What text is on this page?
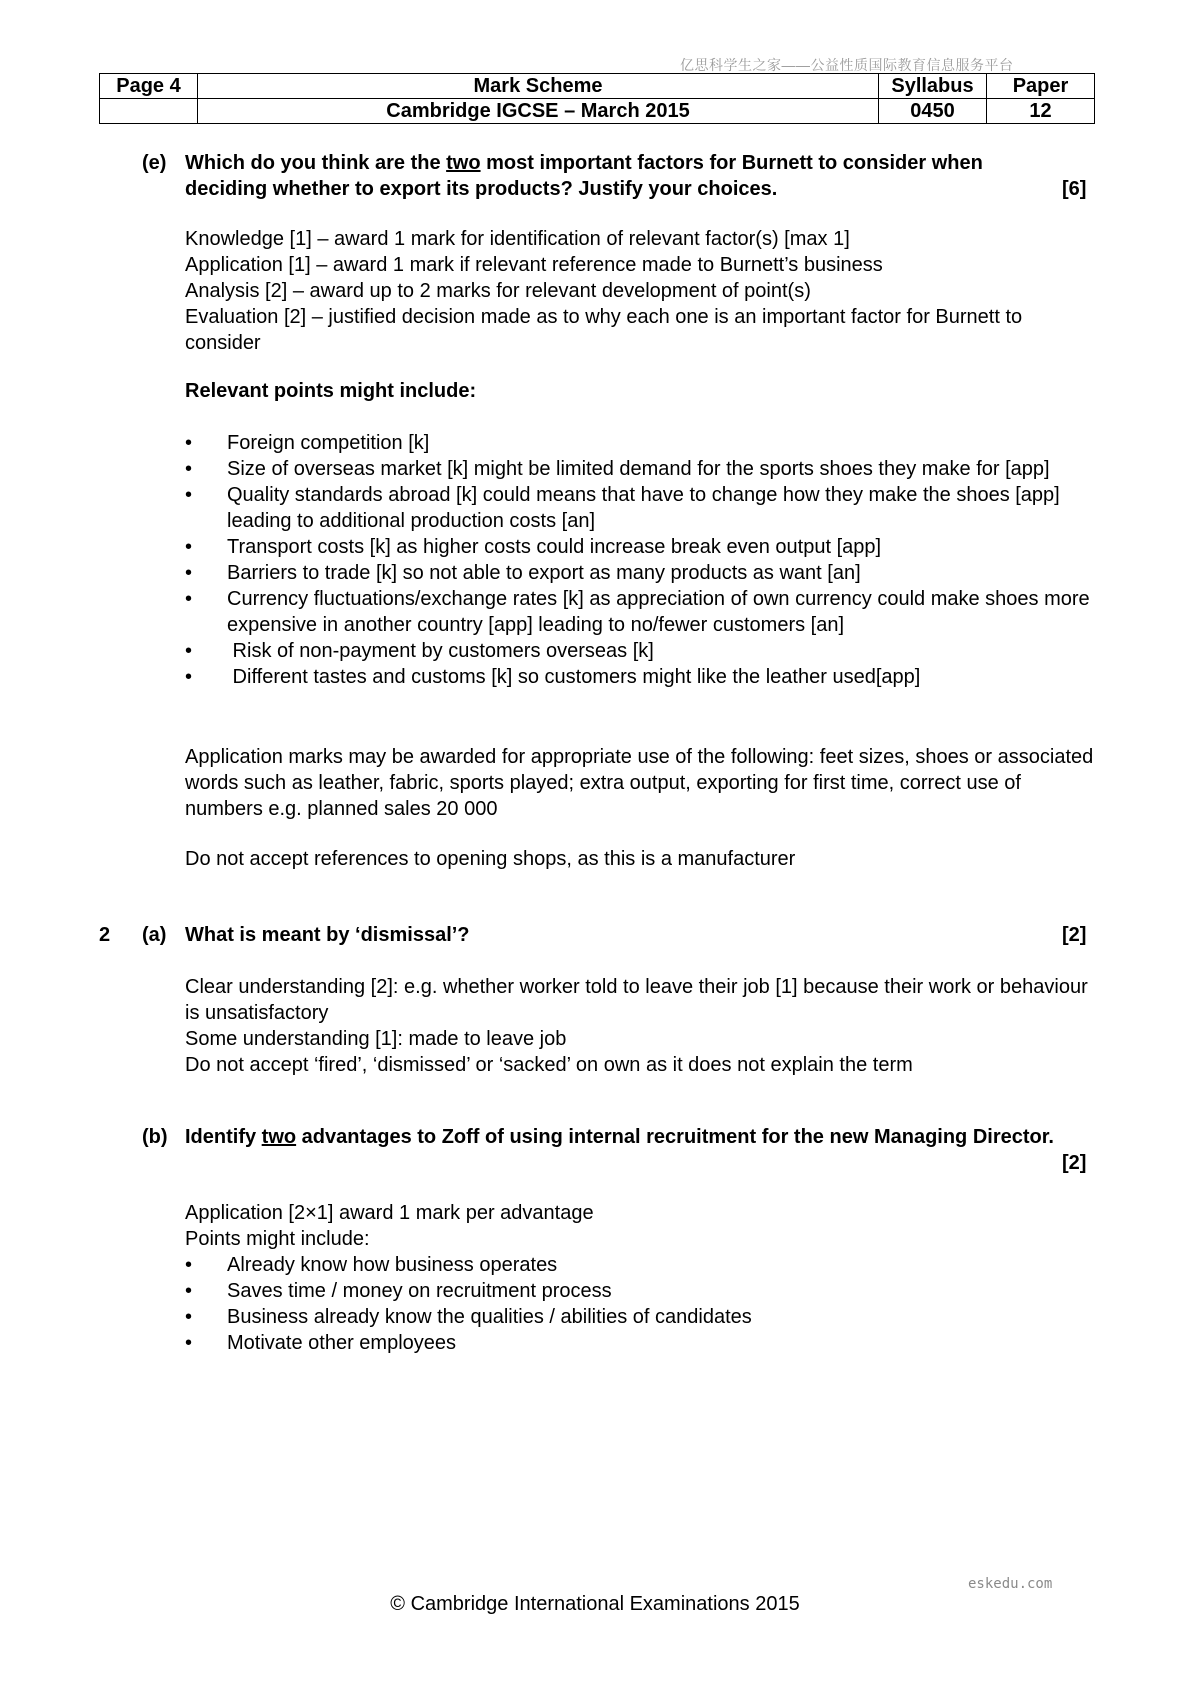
亿思科学生之家——公益性质国际教育信息服务平台
Page 4	Mark Scheme	Syllabus	Paper
	Cambridge IGCSE – March 2015	0450	12
(e) Which do you think are the two most important factors for Burnett to consider when deciding whether to export its products? Justify your choices.	[6]
Knowledge [1] – award 1 mark for identification of relevant factor(s) [max 1]
Application [1] – award 1 mark if relevant reference made to Burnett’s business
Analysis [2] – award up to 2 marks for relevant development of point(s)
Evaluation [2] – justified decision made as to why each one is an important factor for Burnett to consider
Relevant points might include:
• Foreign competition [k]
• Size of overseas market [k] might be limited demand for the sports shoes they make for [app]
• Quality standards abroad [k] could means that have to change how they make the shoes [app] leading to additional production costs [an]
• Transport costs [k] as higher costs could increase break even output [app]
• Barriers to trade [k] so not able to export as many products as want [an]
• Currency fluctuations/exchange rates [k] as appreciation of own currency could make shoes more expensive in another country [app] leading to no/fewer customers [an]
•  Risk of non-payment by customers overseas [k]
•  Different tastes and customs [k] so customers might like the leather used[app]
Application marks may be awarded for appropriate use of the following: feet sizes, shoes or associated words such as leather, fabric, sports played; extra output, exporting for first time, correct use of numbers e.g. planned sales 20 000
Do not accept references to opening shops, as this is a manufacturer
2 (a) What is meant by ‘dismissal’?	[2]
Clear understanding [2]: e.g. whether worker told to leave their job [1] because their work or behaviour is unsatisfactory
Some understanding [1]: made to leave job
Do not accept ‘fired’, ‘dismissed’ or ‘sacked’ on own as it does not explain the term
(b) Identify two advantages to Zoff of using internal recruitment for the new Managing Director.
[2]
Application [2×1] award 1 mark per advantage
Points might include:
• Already know how business operates
• Saves time / money on recruitment process
• Business already know the qualities / abilities of candidates
• Motivate other employees
eskedu.com
© Cambridge International Examinations 2015
